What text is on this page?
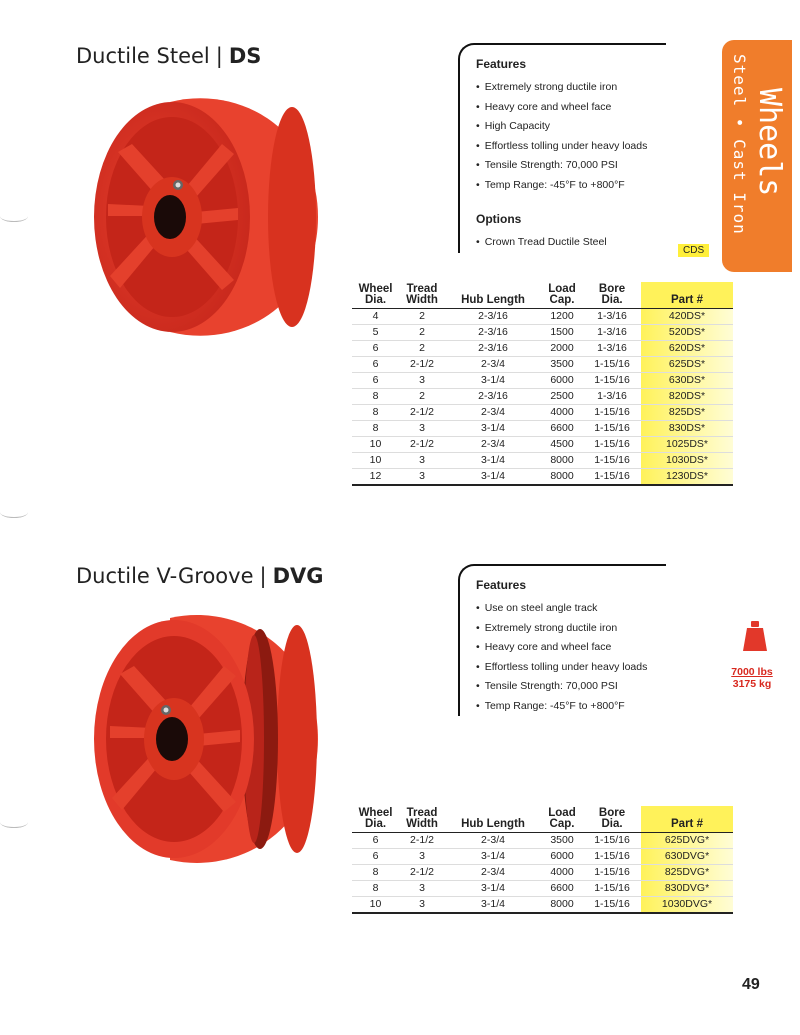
Ductile Steel | DS	Features
• Extremely strong ductile iron
• Heavy core and wheel face
• High Capacity
• Effortless tolling under heavy loads
• Tensile Strength: 70,000 PSI
• Temp Range: -45°F to +800°F
Options
• Crown Tread Ductile Steel
CDS
Steel • Cast Iron Wheels
Wheel
Dia.	Tread
Width	Hub Length	Load
Cap.	Bore
Dia.	Part #
4	2	2-3/16	1200	1-3/16	420DS*
5	2	2-3/16	1500	1-3/16	520DS*
6	2	2-3/16	2000	1-3/16	620DS*
6	2-1/2	2-3/4	3500	1-15/16	625DS*
6	3	3-1/4	6000	1-15/16	630DS*
8	2	2-3/16	2500	1-3/16	820DS*
8	2-1/2	2-3/4	4000	1-15/16	825DS*
8	3	3-1/4	6600	1-15/16	830DS*
10	2-1/2	2-3/4	4500	1-15/16	1025DS*
10	3	3-1/4	8000	1-15/16	1030DS*
12	3	3-1/4	8000	1-15/16	1230DS*
Ductile V-Groove | DVG	Features
• Use on steel angle track
• Extremely strong ductile iron
• Heavy core and wheel face
• Effortless tolling under heavy loads
• Tensile Strength: 70,000 PSI
• Temp Range: -45°F to +800°F
7000 lbs
3175 kg
Wheel
Dia.	Tread
Width	Hub Length	Load
Cap.	Bore
Dia.	Part #
6	2-1/2	2-3/4	3500	1-15/16	625DVG*
6	3	3-1/4	6000	1-15/16	630DVG*
8	2-1/2	2-3/4	4000	1-15/16	825DVG*
8	3	3-1/4	6600	1-15/16	830DVG*
10	3	3-1/4	8000	1-15/16	1030DVG*
49
